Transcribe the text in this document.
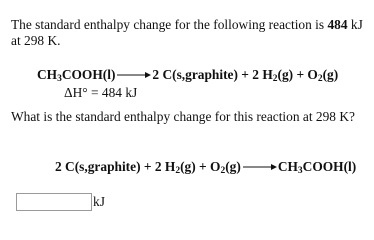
The standard enthalpy change for the following reaction is 484 kJ at 298 K.

$CH_3COOH(l)$	2 C(s,graphite) + 2 $H_2(g) + O_2(g)$
ΔH° = 484 kJ

What is the standard enthalpy change for this reaction at 298 K?

2 C(s,graphite) + 2 $H_2(g) + O_2(g)$	$CH_3COOH(l)$
kJ
